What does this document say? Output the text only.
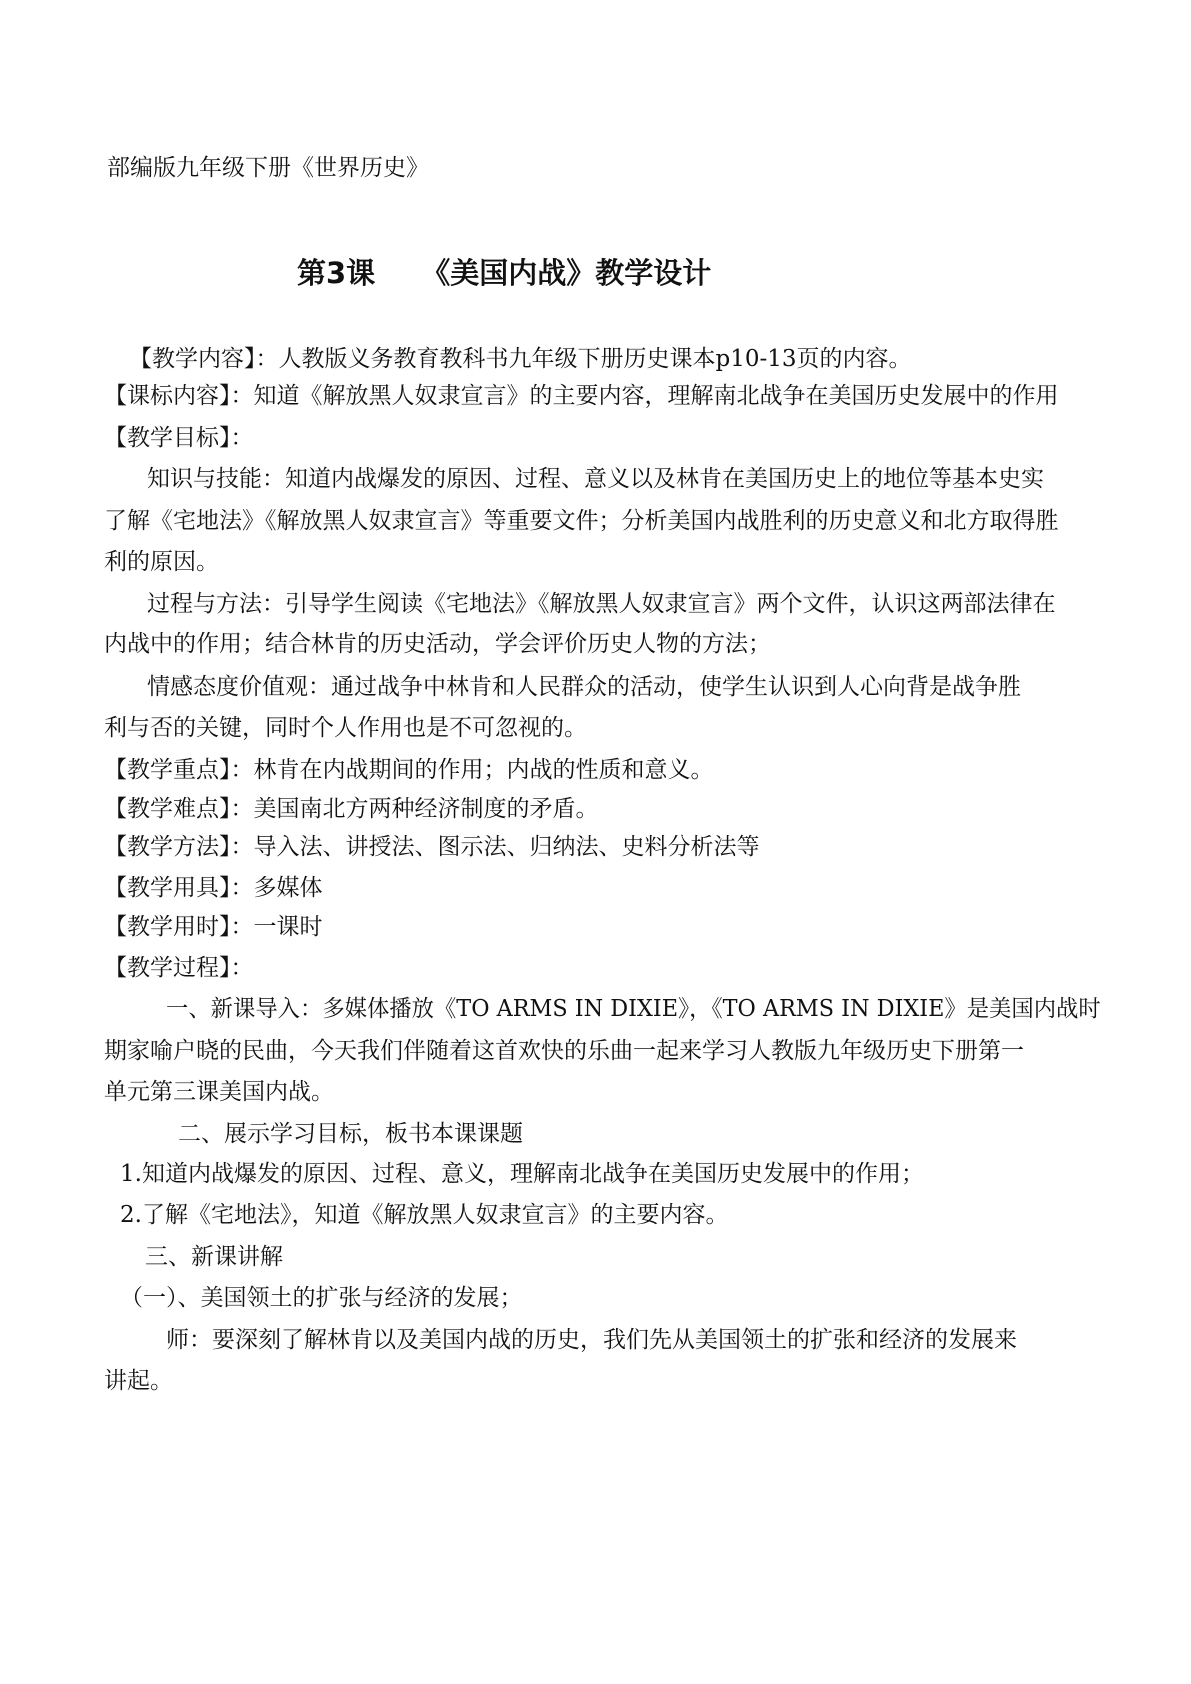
部编版九年级下册《世界历史》
第3课 《美国内战》教学设计
【教学内容】：人教版义务教育教科书九年级下册历史课本p10-13页的内容。
【课标内容】：知道《解放黑人奴隶宣言》的主要内容，理解南北战争在美国历史发展中的作用
【教学目标】：
知识与技能：知道内战爆发的原因、过程、意义以及林肯在美国历史上的地位等基本史实
了解《宅地法》《解放黑人奴隶宣言》等重要文件；分析美国内战胜利的历史意义和北方取得胜
利的原因。
过程与方法：引导学生阅读《宅地法》《解放黑人奴隶宣言》两个文件，认识这两部法律在
内战中的作用；结合林肯的历史活动，学会评价历史人物的方法；
情感态度价值观：通过战争中林肯和人民群众的活动，使学生认识到人心向背是战争胜
利与否的关键，同时个人作用也是不可忽视的。
【教学重点】：林肯在内战期间的作用；内战的性质和意义。
【教学难点】：美国南北方两种经济制度的矛盾。
【教学方法】：导入法、讲授法、图示法、归纳法、史料分析法等
【教学用具】：多媒体
【教学用时】：一课时
【教学过程】：
一、新课导入：多媒体播放《TO ARMS IN DIXIE》，《TO ARMS IN DIXIE》是美国内战时
期家喻户晓的民曲，今天我们伴随着这首欢快的乐曲一起来学习人教版九年级历史下册第一
单元第三课美国内战。
二、展示学习目标，板书本课课题
1.知道内战爆发的原因、过程、意义，理解南北战争在美国历史发展中的作用；
2.了解《宅地法》，知道《解放黑人奴隶宣言》的主要内容。
三、新课讲解
（一）、美国领土的扩张与经济的发展；
师：要深刻了解林肯以及美国内战的历史，我们先从美国领土的扩张和经济的发展来
讲起。
